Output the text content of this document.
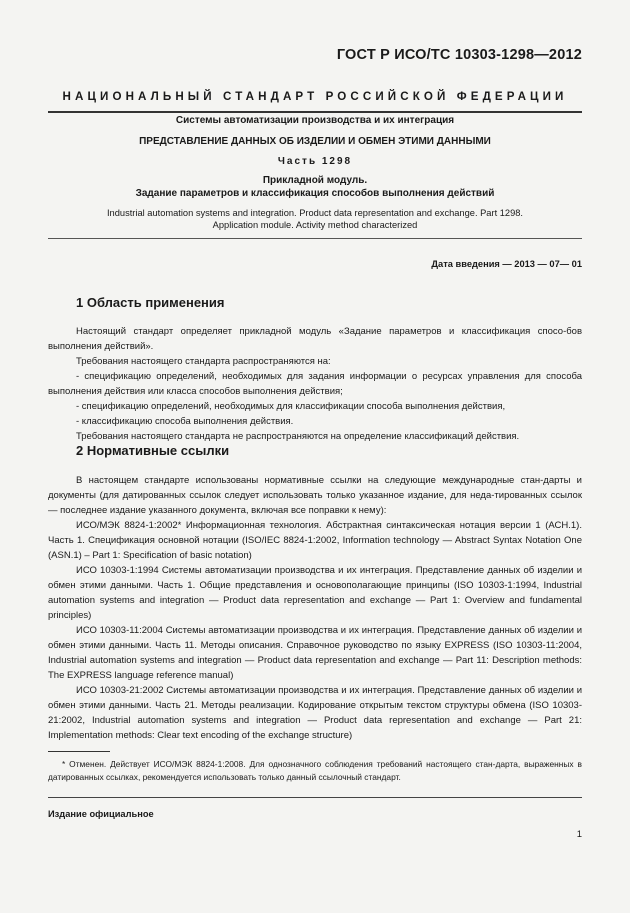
ГОСТ Р ИСО/ТС 10303-1298—2012
НАЦИОНАЛЬНЫЙ СТАНДАРТ РОССИЙСКОЙ ФЕДЕРАЦИИ
Системы автоматизации производства и их интеграция
ПРЕДСТАВЛЕНИЕ ДАННЫХ ОБ ИЗДЕЛИИ И ОБМЕН ЭТИМИ ДАННЫМИ
Часть 1298
Прикладной модуль.
Задание параметров и классификация способов выполнения действий
Industrial automation systems and integration. Product data representation and exchange. Part 1298.
Application module. Activity method characterized
Дата введения — 2013 — 07— 01
1 Область применения

Настоящий стандарт определяет прикладной модуль «Задание параметров и классификация спосо-бов выполнения действий».

Требования настоящего стандарта распространяются на:

- спецификацию определений, необходимых для задания информации о ресурсах управления для способа выполнения действия или класса способов выполнения действия;

- спецификацию определений, необходимых для классификации способа выполнения действия,

- классификацию способа выполнения действия.

Требования настоящего стандарта не распространяются на определение классификаций действия.

2 Нормативные ссылки

В настоящем стандарте использованы нормативные ссылки на следующие международные стан-дарты и документы (для датированных ссылок следует использовать только указанное издание, для неда-тированных ссылок — последнее издание указанного документа, включая все поправки к нему):

ИСО/МЭК 8824-1:2002* Информационная технология. Абстрактная синтаксическая нотация версии 1 (АСН.1). Часть 1. Спецификация основной нотации (ISO/IEC 8824-1:2002, Information technology — Abstract Syntax Notation One (ASN.1) – Part 1: Specification of basic notation)

ИСО 10303-1:1994 Системы автоматизации производства и их интеграция. Представление данных об изделии и обмен этими данными. Часть 1. Общие представления и основополагающие принципы (ISO 10303-1:1994, Industrial automation systems and integration — Product data representation and exchange — Part 1: Overview and fundamental principles)

ИСО 10303-11:2004 Системы автоматизации производства и их интеграция. Представление данных об изделии и обмен этими данными. Часть 11. Методы описания. Справочное руководство по языку EXPRESS (ISO 10303-11:2004, Industrial automation systems and integration — Product data representation and exchange — Part 11: Description methods: The EXPRESS language reference manual)

ИСО 10303-21:2002 Системы автоматизации производства и их интеграция. Представление данных об изделии и обмен этими данными. Часть 21. Методы реализации. Кодирование открытым текстом структуры обмена (ISO 10303-21:2002, Industrial automation systems and integration — Product data representation and exchange — Part 21: Implementation methods: Clear text encoding of the exchange structure)

* Отменен. Действует ИСО/МЭК 8824-1:2008. Для однозначного соблюдения требований настоящего стан-дарта, выраженных в датированных ссылках, рекомендуется использовать только данный ссылочный стандарт.
Издание официальное
1
